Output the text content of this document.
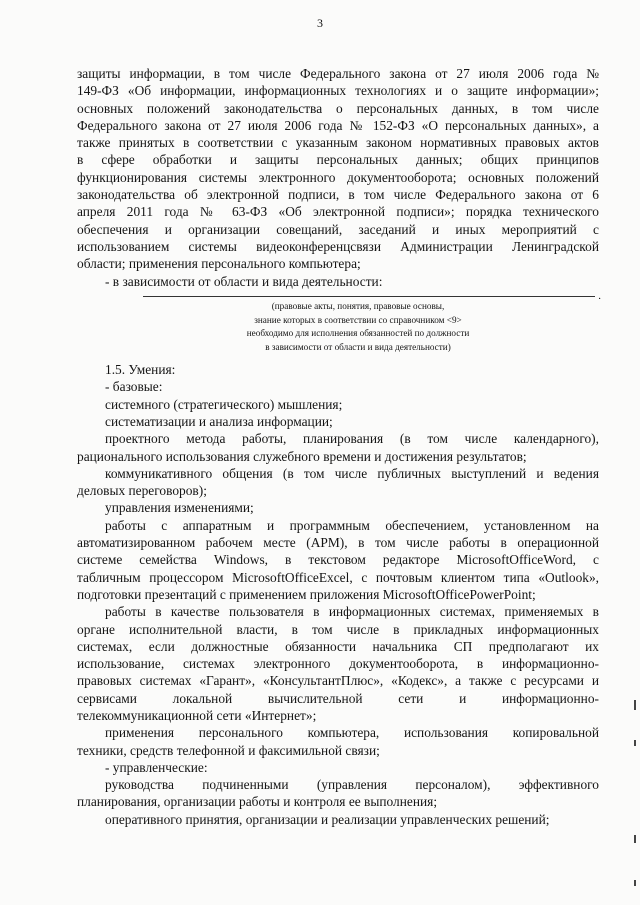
3

защиты информации, в том числе Федерального закона от 27 июля 2006 года №

149-ФЗ «Об информации, информационных технологиях и о защите информации»;

основных положений законодательства о персональных данных, в том числе

Федерального закона от 27 июля 2006 года № 152-ФЗ «О персональных данных», а

также принятых в соответствии с указанным законом нормативных правовых актов

в сфере обработки и защиты персональных данных; общих принципов

функционирования системы электронного документооборота; основных положений

законодательства об электронной подписи, в том числе Федерального закона от 6

апреля 2011 года № 63-ФЗ «Об электронной подписи»; порядка технического

обеспечения и организации совещаний, заседаний и иных мероприятий с

использованием системы видеоконференцсвязи Администрации Ленинградской

области; применения персонального компьютера;

- в зависимости от области и вида деятельности:

.
(правовые акты, понятия, правовые основы,
знание которых в соответствии со справочником <9>
необходимо для исполнения обязанностей по должности
в зависимости от области и вида деятельности)

1.5. Умения:

- базовые:

системного (стратегического) мышления;

систематизации и анализа информации;

проектного метода работы, планирования (в том числе календарного),

рационального использования служебного времени и достижения результатов;

коммуникативного общения (в том числе публичных выступлений и ведения

деловых переговоров);

управления изменениями;

работы с аппаратным и программным обеспечением, установленном на

автоматизированном рабочем месте (АРМ), в том числе работы в операционной

системе семейства Windows, в текстовом редакторе MicrosoftOfficeWord, с

табличным процессором MicrosoftOfficeExcel, с почтовым клиентом типа «Outlook»,

подготовки презентаций с применением приложения MicrosoftOfficePowerPoint;

работы в качестве пользователя в информационных системах, применяемых в

органе исполнительной власти, в том числе в прикладных информационных

системах, если должностные обязанности начальника СП предполагают их

использование, системах электронного документооборота, в информационно-

правовых системах «Гарант», «КонсультантПлюс», «Кодекс», а также с ресурсами и

сервисами локальной вычислительной сети и информационно-

телекоммуникационной сети «Интернет»;

применения персонального компьютера, использования копировальной

техники, средств телефонной и факсимильной связи;

- управленческие:

руководства подчиненными (управления персоналом), эффективного

планирования, организации работы и контроля ее выполнения;

оперативного принятия, организации и реализации управленческих решений;
